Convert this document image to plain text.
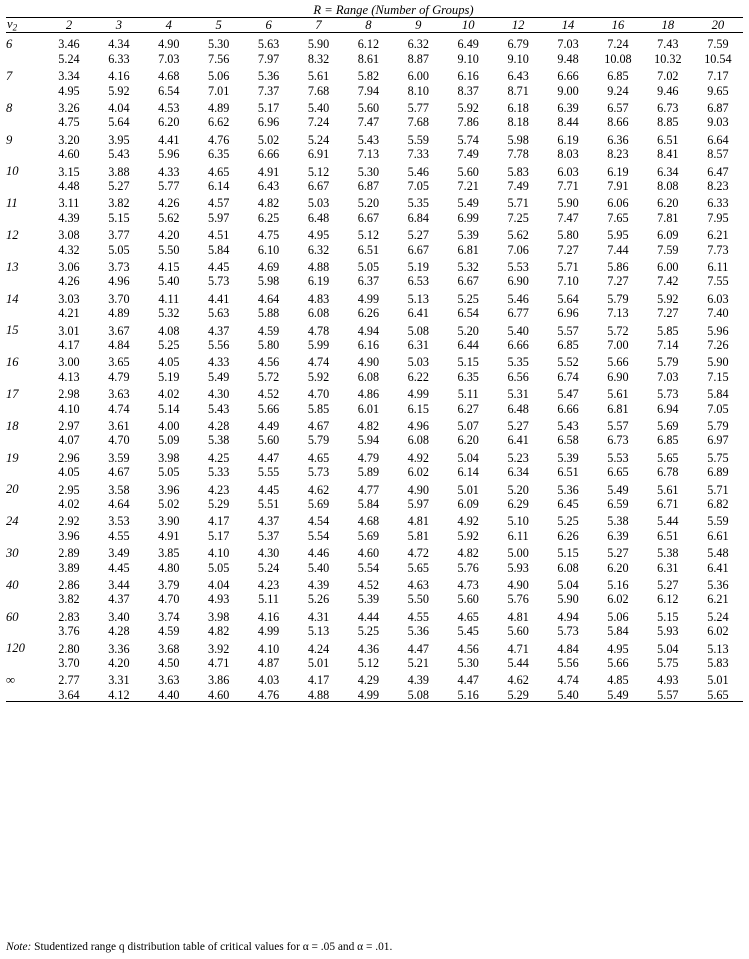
	R = Range (Number of Groups)													

$v_2$	2	3	4	5	6	7	8	9	10	12	14	16	18	20

6	3.46	4.34	4.90	5.30	5.63	5.90	6.12	6.32	6.49	6.79	7.03	7.24	7.43	7.59
	5.24	6.33	7.03	7.56	7.97	8.32	8.61	8.87	9.10	9.10	9.48	10.08	10.32	10.54
7	3.34	4.16	4.68	5.06	5.36	5.61	5.82	6.00	6.16	6.43	6.66	6.85	7.02	7.17
	4.95	5.92	6.54	7.01	7.37	7.68	7.94	8.10	8.37	8.71	9.00	9.24	9.46	9.65
8	3.26	4.04	4.53	4.89	5.17	5.40	5.60	5.77	5.92	6.18	6.39	6.57	6.73	6.87
	4.75	5.64	6.20	6.62	6.96	7.24	7.47	7.68	7.86	8.18	8.44	8.66	8.85	9.03
9	3.20	3.95	4.41	4.76	5.02	5.24	5.43	5.59	5.74	5.98	6.19	6.36	6.51	6.64
	4.60	5.43	5.96	6.35	6.66	6.91	7.13	7.33	7.49	7.78	8.03	8.23	8.41	8.57
10	3.15	3.88	4.33	4.65	4.91	5.12	5.30	5.46	5.60	5.83	6.03	6.19	6.34	6.47
	4.48	5.27	5.77	6.14	6.43	6.67	6.87	7.05	7.21	7.49	7.71	7.91	8.08	8.23
11	3.11	3.82	4.26	4.57	4.82	5.03	5.20	5.35	5.49	5.71	5.90	6.06	6.20	6.33
	4.39	5.15	5.62	5.97	6.25	6.48	6.67	6.84	6.99	7.25	7.47	7.65	7.81	7.95
12	3.08	3.77	4.20	4.51	4.75	4.95	5.12	5.27	5.39	5.62	5.80	5.95	6.09	6.21
	4.32	5.05	5.50	5.84	6.10	6.32	6.51	6.67	6.81	7.06	7.27	7.44	7.59	7.73
13	3.06	3.73	4.15	4.45	4.69	4.88	5.05	5.19	5.32	5.53	5.71	5.86	6.00	6.11
	4.26	4.96	5.40	5.73	5.98	6.19	6.37	6.53	6.67	6.90	7.10	7.27	7.42	7.55
14	3.03	3.70	4.11	4.41	4.64	4.83	4.99	5.13	5.25	5.46	5.64	5.79	5.92	6.03
	4.21	4.89	5.32	5.63	5.88	6.08	6.26	6.41	6.54	6.77	6.96	7.13	7.27	7.40
15	3.01	3.67	4.08	4.37	4.59	4.78	4.94	5.08	5.20	5.40	5.57	5.72	5.85	5.96
	4.17	4.84	5.25	5.56	5.80	5.99	6.16	6.31	6.44	6.66	6.85	7.00	7.14	7.26
16	3.00	3.65	4.05	4.33	4.56	4.74	4.90	5.03	5.15	5.35	5.52	5.66	5.79	5.90
	4.13	4.79	5.19	5.49	5.72	5.92	6.08	6.22	6.35	6.56	6.74	6.90	7.03	7.15
17	2.98	3.63	4.02	4.30	4.52	4.70	4.86	4.99	5.11	5.31	5.47	5.61	5.73	5.84
	4.10	4.74	5.14	5.43	5.66	5.85	6.01	6.15	6.27	6.48	6.66	6.81	6.94	7.05
18	2.97	3.61	4.00	4.28	4.49	4.67	4.82	4.96	5.07	5.27	5.43	5.57	5.69	5.79
	4.07	4.70	5.09	5.38	5.60	5.79	5.94	6.08	6.20	6.41	6.58	6.73	6.85	6.97
19	2.96	3.59	3.98	4.25	4.47	4.65	4.79	4.92	5.04	5.23	5.39	5.53	5.65	5.75
	4.05	4.67	5.05	5.33	5.55	5.73	5.89	6.02	6.14	6.34	6.51	6.65	6.78	6.89
20	2.95	3.58	3.96	4.23	4.45	4.62	4.77	4.90	5.01	5.20	5.36	5.49	5.61	5.71
	4.02	4.64	5.02	5.29	5.51	5.69	5.84	5.97	6.09	6.29	6.45	6.59	6.71	6.82
24	2.92	3.53	3.90	4.17	4.37	4.54	4.68	4.81	4.92	5.10	5.25	5.38	5.44	5.59
	3.96	4.55	4.91	5.17	5.37	5.54	5.69	5.81	5.92	6.11	6.26	6.39	6.51	6.61
30	2.89	3.49	3.85	4.10	4.30	4.46	4.60	4.72	4.82	5.00	5.15	5.27	5.38	5.48
	3.89	4.45	4.80	5.05	5.24	5.40	5.54	5.65	5.76	5.93	6.08	6.20	6.31	6.41
40	2.86	3.44	3.79	4.04	4.23	4.39	4.52	4.63	4.73	4.90	5.04	5.16	5.27	5.36
	3.82	4.37	4.70	4.93	5.11	5.26	5.39	5.50	5.60	5.76	5.90	6.02	6.12	6.21
60	2.83	3.40	3.74	3.98	4.16	4.31	4.44	4.55	4.65	4.81	4.94	5.06	5.15	5.24
	3.76	4.28	4.59	4.82	4.99	5.13	5.25	5.36	5.45	5.60	5.73	5.84	5.93	6.02
120	2.80	3.36	3.68	3.92	4.10	4.24	4.36	4.47	4.56	4.71	4.84	4.95	5.04	5.13
	3.70	4.20	4.50	4.71	4.87	5.01	5.12	5.21	5.30	5.44	5.56	5.66	5.75	5.83
∞	2.77	3.31	3.63	3.86	4.03	4.17	4.29	4.39	4.47	4.62	4.74	4.85	4.93	5.01
	3.64	4.12	4.40	4.60	4.76	4.88	4.99	5.08	5.16	5.29	5.40	5.49	5.57	5.65

Note: Studentized range q distribution table of critical values for α = .05 and α = .01.
